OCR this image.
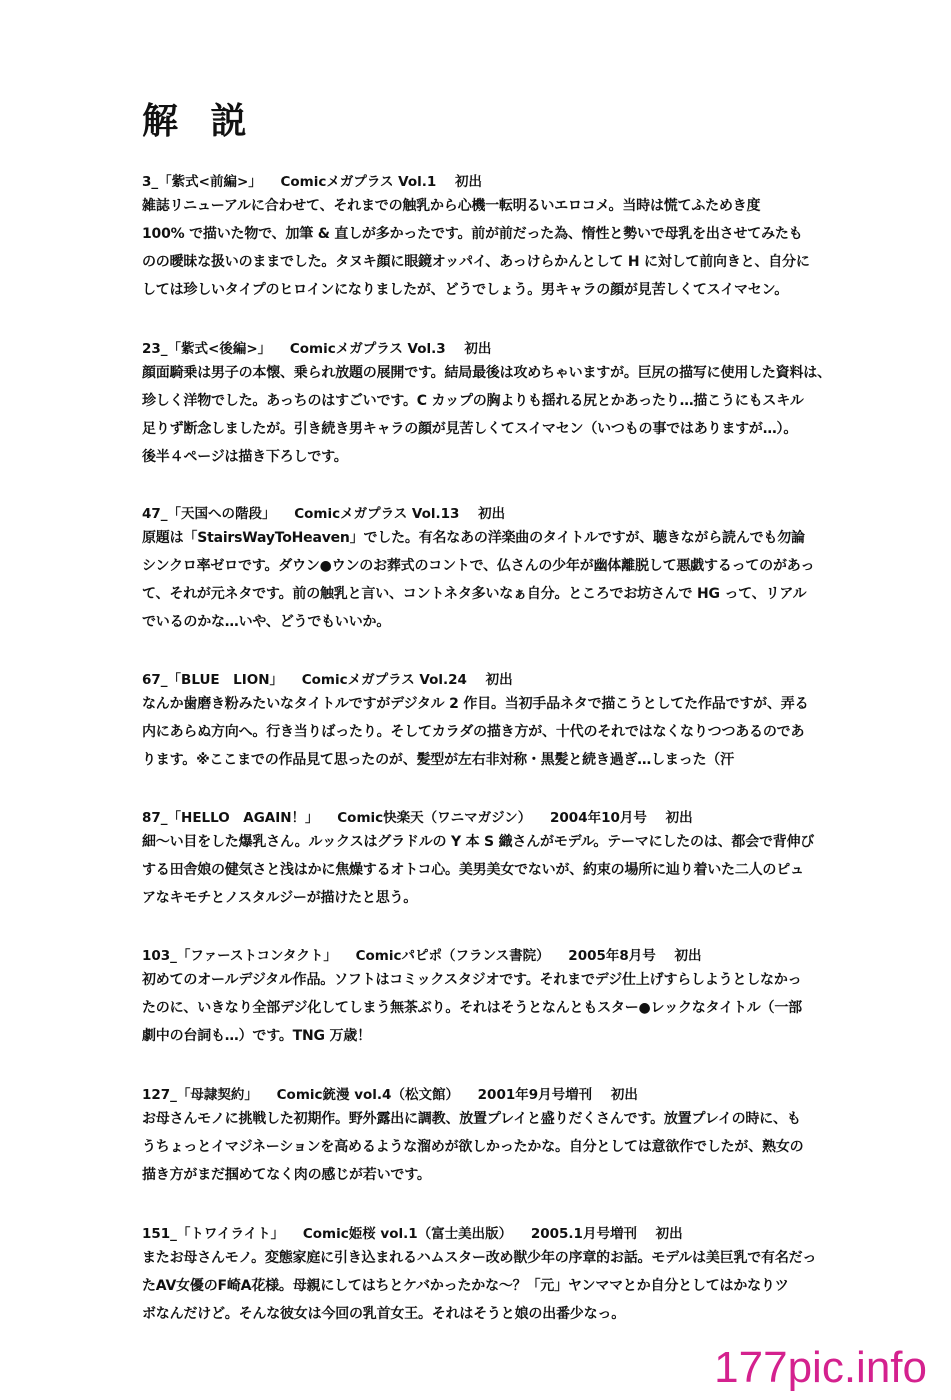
解 説
3_「紫式<前編>」 Comicメガプラス Vol.1 初出
雑誌リニューアルに合わせて、それまでの触乳から心機一転明るいエロコメ。当時は慌てふためき度
100% で描いた物で、加筆 & 直しが多かったです。前が前だった為、惰性と勢いで母乳を出させてみたも
のの曖昧な扱いのままでした。タヌキ顔に眼鏡オッパイ、あっけらかんとして H に対して前向きと、自分に
しては珍しいタイプのヒロインになりましたが、どうでしょう。男キャラの顔が見苦しくてスイマセン。
23_「紫式<後編>」 Comicメガプラス Vol.3 初出
顔面騎乗は男子の本懐、乗られ放題の展開です。結局最後は攻めちゃいますが。巨尻の描写に使用した資料は、
珍しく洋物でした。あっちのはすごいです。C カップの胸よりも揺れる尻とかあったり…描こうにもスキル
足りず断念しましたが。引き続き男キャラの顔が見苦しくてスイマセン（いつもの事ではありますが…）。
後半４ページは描き下ろしです。
47_「天国への階段」 Comicメガプラス Vol.13 初出
原題は「StairsWayToHeaven」でした。有名なあの洋楽曲のタイトルですが、聴きながら読んでも勿論
シンクロ率ゼロです。ダウン●ウンのお葬式のコントで、仏さんの少年が幽体離脱して悪戯するってのがあっ
て、それが元ネタです。前の触乳と言い、コントネタ多いなぁ自分。ところでお坊さんで HG って、リアル
でいるのかな…いや、どうでもいいか。
67_「BLUE　LION」 Comicメガプラス Vol.24 初出
なんか歯磨き粉みたいなタイトルですがデジタル 2 作目。当初手品ネタで描こうとしてた作品ですが、弄る
内にあらぬ方向へ。行き当りばったり。そしてカラダの描き方が、十代のそれではなくなりつつあるのであ
ります。※ここまでの作品見て思ったのが、髪型が左右非対称・黒髪と続き過ぎ…しまった（汗
87_「HELLO　AGAIN！」 Comic快楽天（ワニマガジン） 2004年10月号 初出
細～い目をした爆乳さん。ルックスはグラドルの Y 本 S 織さんがモデル。テーマにしたのは、都会で背伸び
する田舎娘の健気さと浅はかに焦燥するオトコ心。美男美女でないが、約束の場所に辿り着いた二人のピュ
アなキモチとノスタルジーが描けたと思う。
103_「ファーストコンタクト」 Comicパピポ（フランス書院） 2005年8月号 初出
初めてのオールデジタル作品。ソフトはコミックスタジオです。それまでデジ仕上げすらしようとしなかっ
たのに、いきなり全部デジ化してしまう無茶ぶり。それはそうとなんともスター●レックなタイトル（一部
劇中の台詞も…）です。TNG 万歳！
127_「母隷契約」 Comic銃漫 vol.4（松文館） 2001年9月号増刊 初出
お母さんモノに挑戦した初期作。野外露出に調教、放置プレイと盛りだくさんです。放置プレイの時に、も
うちょっとイマジネーションを高めるような溜めが欲しかったかな。自分としては意欲作でしたが、熟女の
描き方がまだ掴めてなく肉の感じが若いです。
151_「トワイライト」 Comic姫桜 vol.1（富士美出版） 2005.1月号増刊 初出
またお母さんモノ。変態家庭に引き込まれるハムスター改め獣少年の序章的お話。モデルは美巨乳で有名だっ
たAV女優のF崎A花様。母親にしてはちとケバかったかな～？「元」ヤンママとか自分としてはかなりツ
ボなんだけど。そんな彼女は今回の乳首女王。それはそうと娘の出番少なっ。
177pic.info
